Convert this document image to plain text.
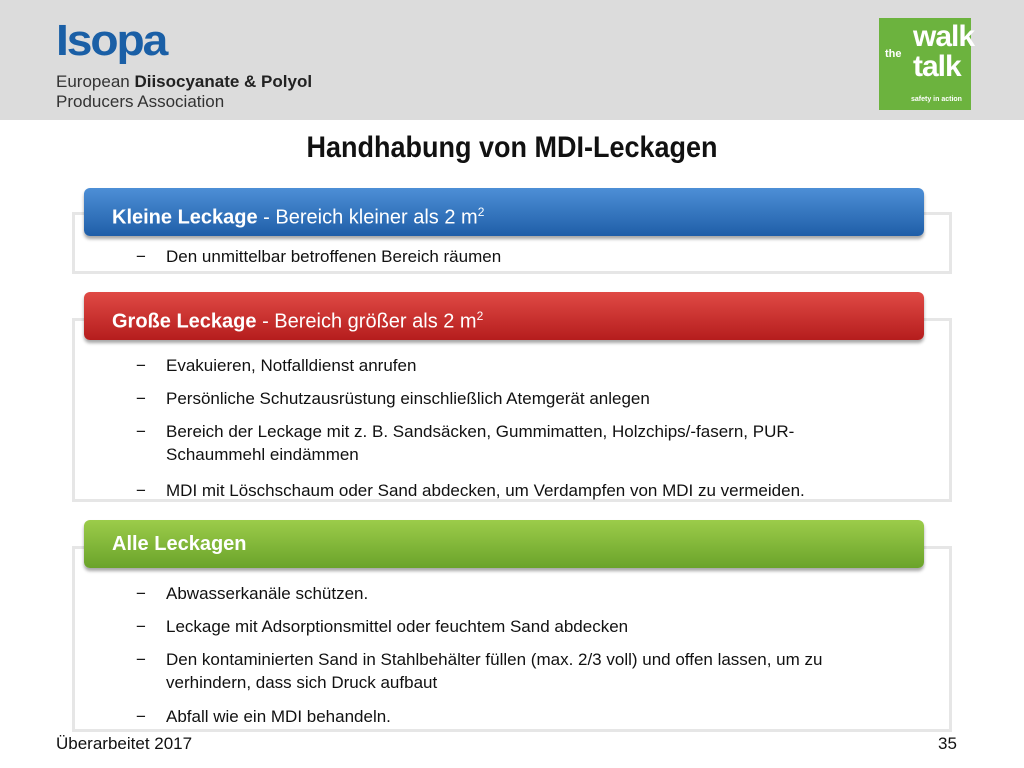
Isopa
European Diisocyanate & Polyol
Producers Association
walk
the talk
safety in action
Handhabung von MDI-Leckagen
Kleine Leckage - Bereich kleiner als 2 $m^2$
− Den unmittelbar betroffenen Bereich räumen
Große Leckage - Bereich größer als 2 $m^2$
− Evakuieren, Notfalldienst anrufen
− Persönliche Schutzausrüstung einschließlich Atemgerät anlegen
− Bereich der Leckage mit z. B. Sandsäcken, Gummimatten, Holzchips/-fasern, PUR-Schaummehl eindämmen
− MDI mit Löschschaum oder Sand abdecken, um Verdampfen von MDI zu vermeiden.
Alle Leckagen
− Abwasserkanäle schützen.
− Leckage mit Adsorptionsmittel oder feuchtem Sand abdecken
− Den kontaminierten Sand in Stahlbehälter füllen (max. 2/3 voll) und offen lassen, um zu verhindern, dass sich Druck aufbaut
− Abfall wie ein MDI behandeln.
Überarbeitet 2017	35
